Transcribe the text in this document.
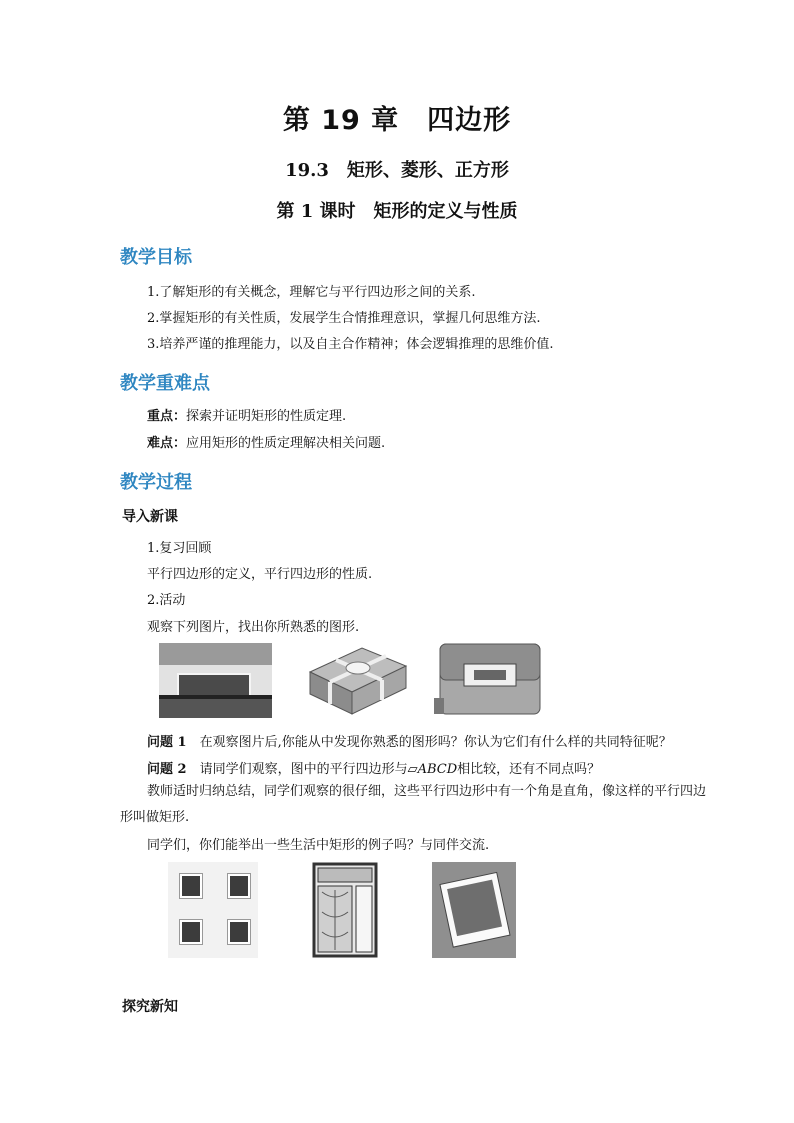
第 19 章　四边形
19.3　矩形、菱形、正方形
第 1 课时　矩形的定义与性质
教学目标
1.了解矩形的有关概念，理解它与平行四边形之间的关系.
2.掌握矩形的有关性质，发展学生合情推理意识，掌握几何思维方法.
3.培养严谨的推理能力，以及自主合作精神；体会逻辑推理的思维价值.
教学重难点
重点：探索并证明矩形的性质定理.
难点：应用矩形的性质定理解决相关问题.
教学过程
导入新课
1.复习回顾
平行四边形的定义，平行四边形的性质.
2.活动
观察下列图片，找出你所熟悉的图形.
问题 1　 在观察图片后,你能从中发现你熟悉的图形吗？你认为它们有什么样的共同特征呢？
问题 2　 请同学们观察，图中的平行四边形与▱ABCD相比较，还有不同点吗？
教师适时归纳总结，同学们观察的很仔细，这些平行四边形中有一个角是直角，像这样的平行四边形叫做矩形.
同学们，你们能举出一些生活中矩形的例子吗？与同伴交流.
探究新知
